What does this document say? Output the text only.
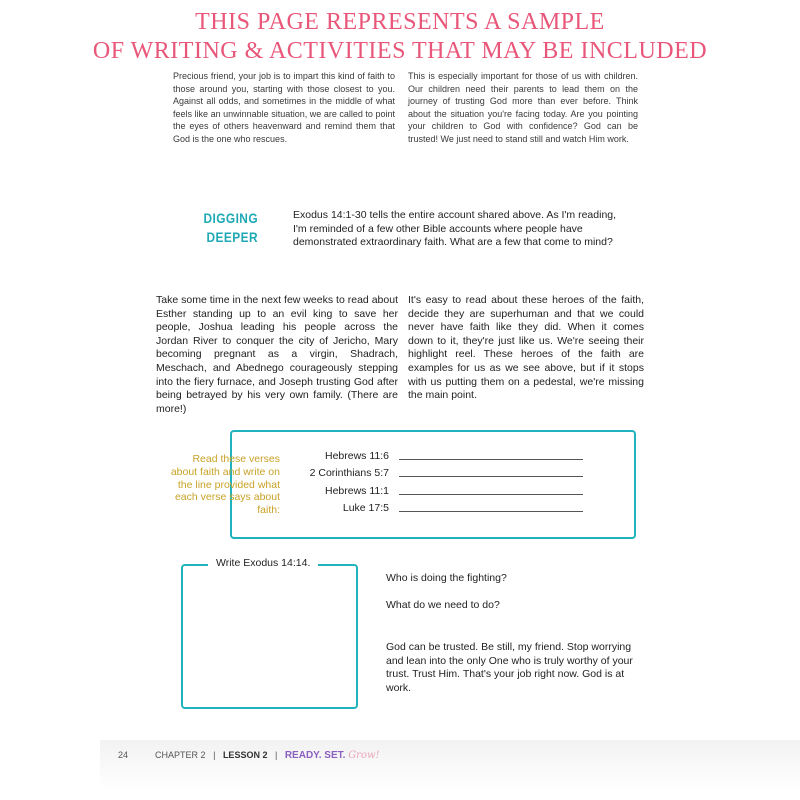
THIS PAGE REPRESENTS A SAMPLE
OF WRITING & ACTIVITIES THAT MAY BE INCLUDED
Precious friend, your job is to impart this kind of faith to those around you, starting with those closest to you. Against all odds, and sometimes in the middle of what feels like an unwinnable situation, we are called to point the eyes of others heavenward and remind them that God is the one who rescues.
This is especially important for those of us with children. Our children need their parents to lead them on the journey of trusting God more than ever before. Think about the situation you're facing today. Are you pointing your children to God with confidence? God can be trusted! We just need to stand still and watch Him work.
DIGGING
DEEPER
Exodus 14:1-30 tells the entire account shared above. As I'm reading, I'm reminded of a few other Bible accounts where people have demonstrated extraordinary faith. What are a few that come to mind?
Take some time in the next few weeks to read about Esther standing up to an evil king to save her people, Joshua leading his people across the Jordan River to conquer the city of Jericho, Mary becoming pregnant as a virgin, Shadrach, Meschach, and Abednego courageously stepping into the fiery furnace, and Joseph trusting God after being betrayed by his very own family. (There are more!)
It's easy to read about these heroes of the faith, decide they are superhuman and that we could never have faith like they did. When it comes down to it, they're just like us. We're seeing their highlight reel. These heroes of the faith are examples for us as we see above, but if it stops with us putting them on a pedestal, we're missing the main point.
Read these verses about faith and write on the line provided what each verse says about faith:
Hebrews 11:6
2 Corinthians 5:7
Hebrews 11:1
Luke 17:5
Write Exodus 14:14.
Who is doing the fighting?
What do we need to do?
God can be trusted. Be still, my friend. Stop worrying and lean into the only One who is truly worthy of your trust. Trust Him. That's your job right now. God is at work.
24	CHAPTER 2 | LESSON 2 | READY. SET. Grow!
